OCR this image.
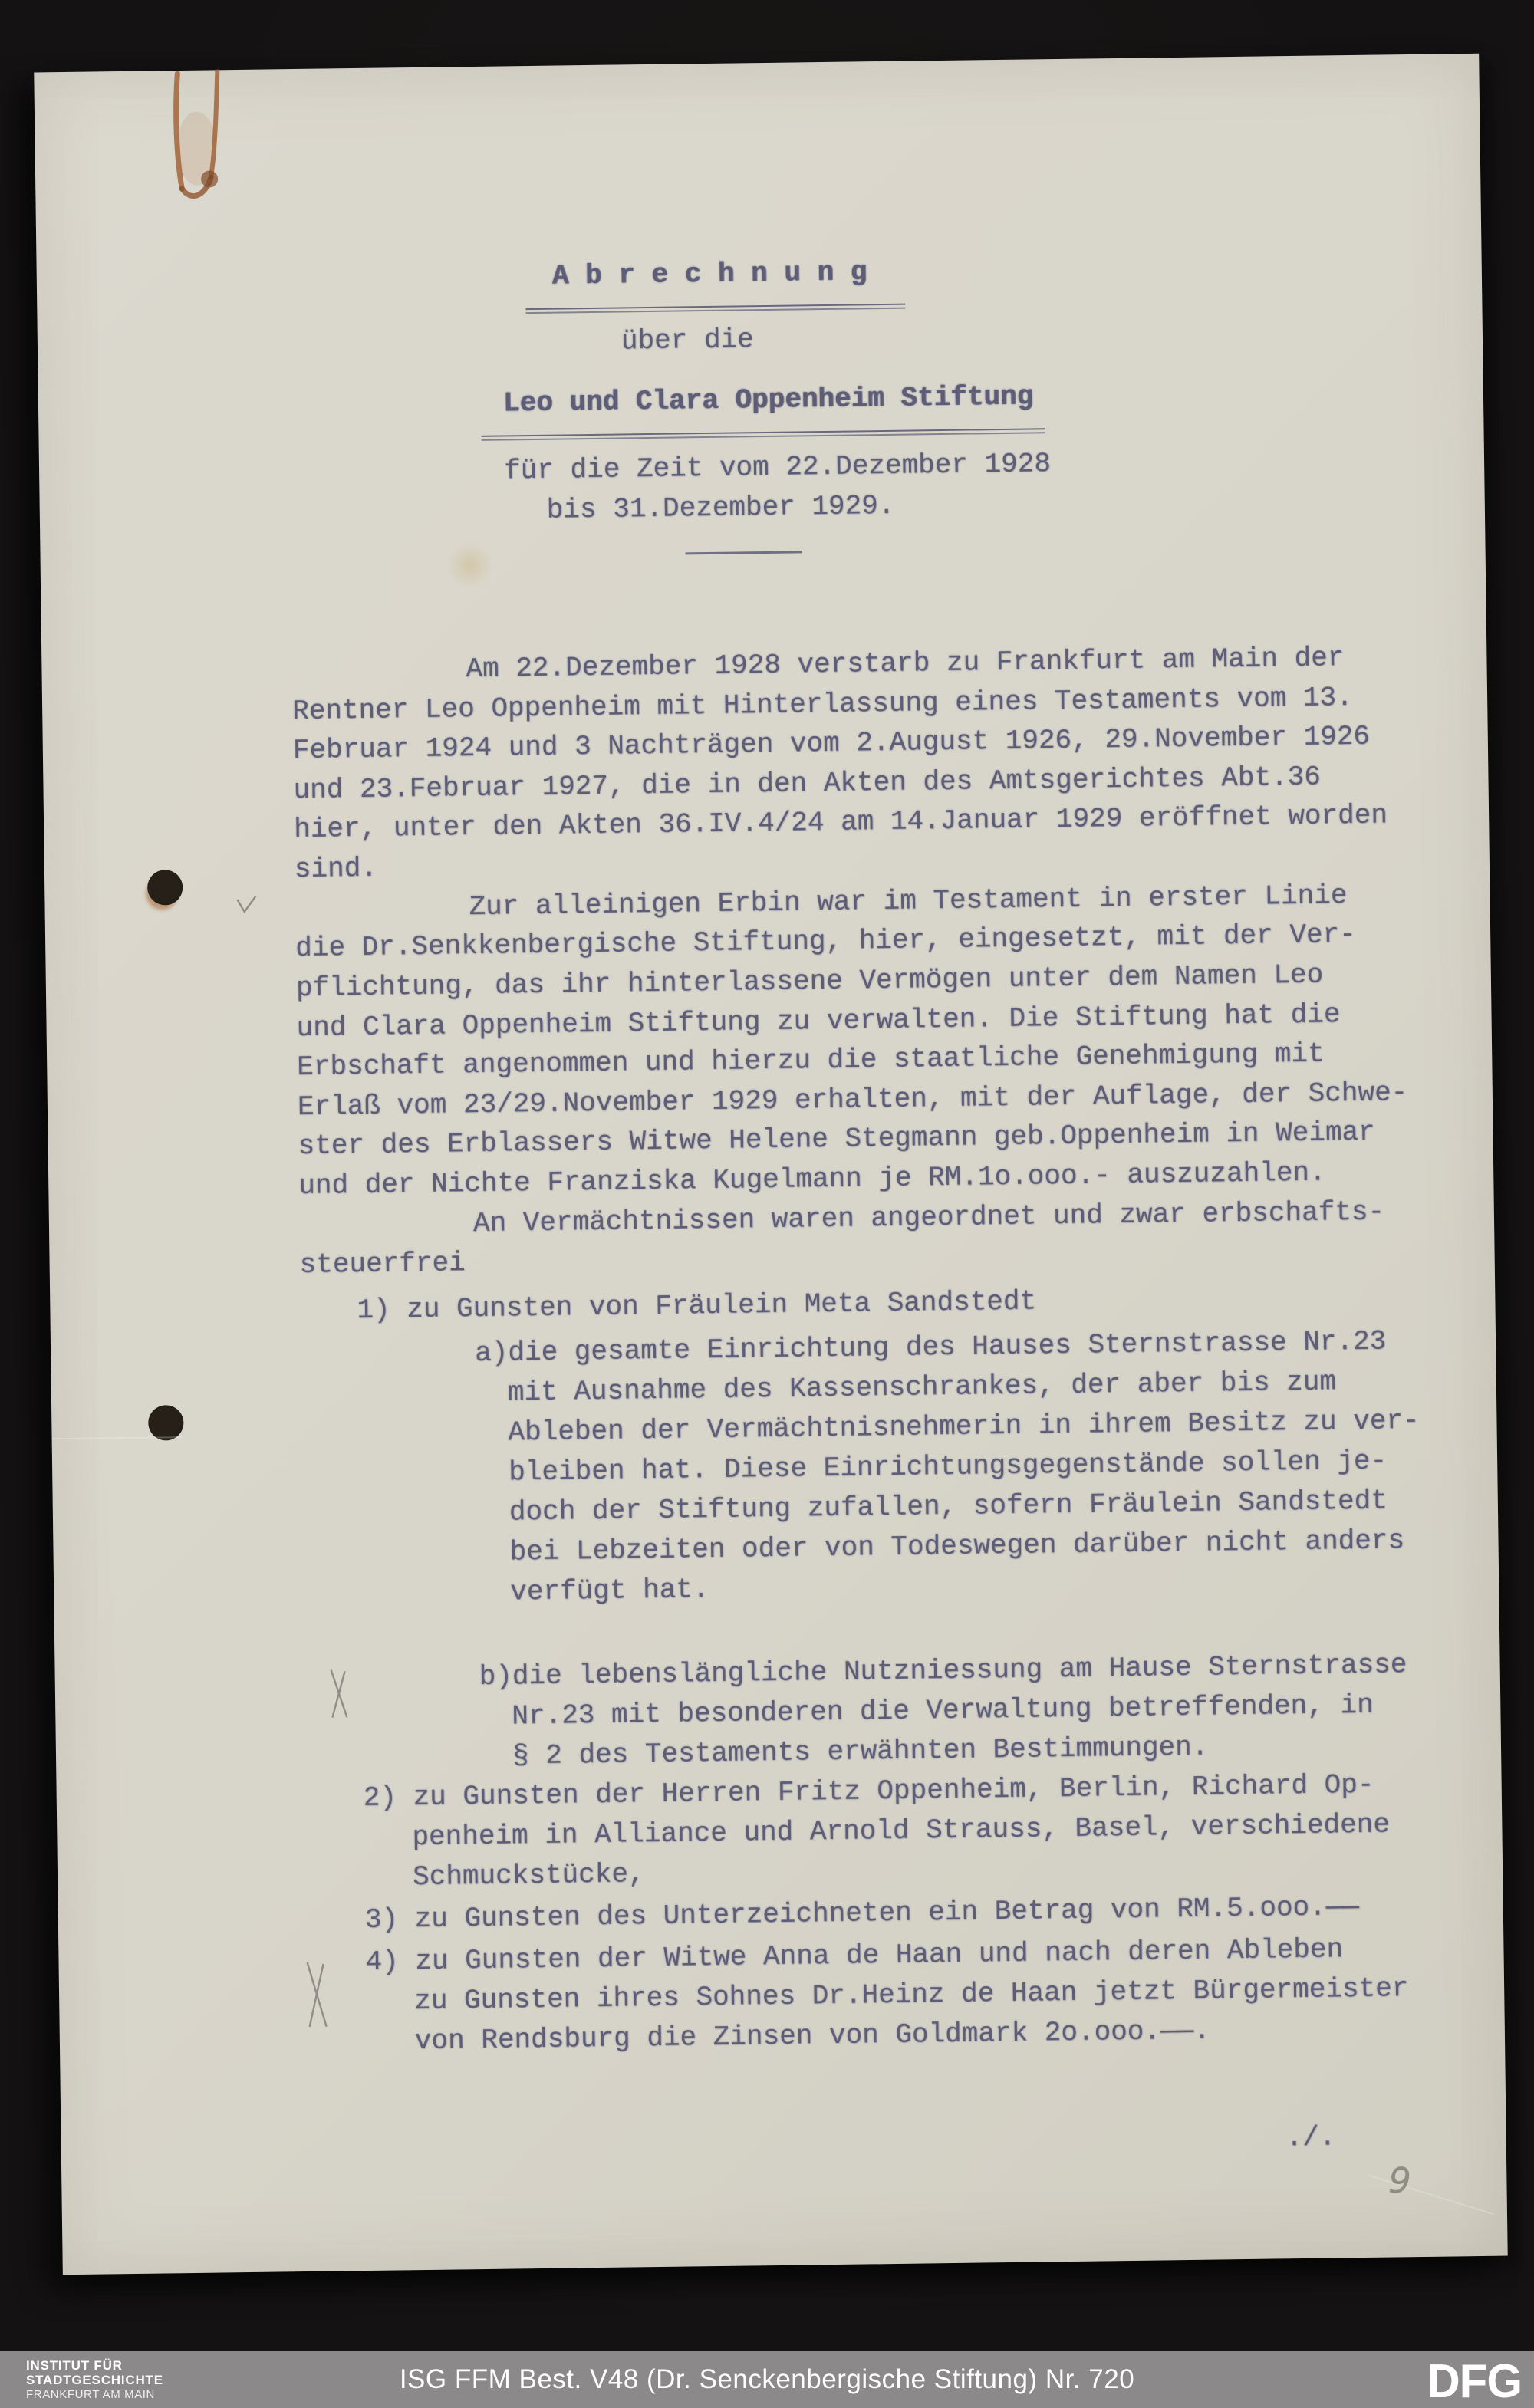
A b r e c h n u n g
über die
Leo und Clara Oppenheim Stiftung
für die Zeit vom 22.Dezember 1928
bis 31.Dezember 1929.
Am 22.Dezember 1928 verstarb zu Frankfurt am Main der
Rentner Leo Oppenheim mit Hinterlassung eines Testaments vom 13.
Februar 1924 und 3 Nachträgen vom 2.August 1926, 29.November 1926
und 23.Februar 1927, die in den Akten des Amtsgerichtes Abt.36
hier, unter den Akten 36.IV.4/24 am 14.Januar 1929 eröffnet worden
sind.
Zur alleinigen Erbin war im Testament in erster Linie
die Dr.Senkkenbergische Stiftung, hier, eingesetzt, mit der Ver-
pflichtung, das ihr hinterlassene Vermögen unter dem Namen Leo
und Clara Oppenheim Stiftung zu verwalten. Die Stiftung hat die
Erbschaft angenommen und hierzu die staatliche Genehmigung mit
Erlaß vom 23/29.November 1929 erhalten, mit der Auflage, der Schwe-
ster des Erblassers Witwe Helene Stegmann geb.Oppenheim in Weimar
und der Nichte Franziska Kugelmann je RM.1o.ooo.- auszuzahlen.
An Vermächtnissen waren angeordnet und zwar erbschafts-
steuerfrei
1) zu Gunsten von Fräulein Meta Sandstedt
a)die gesamte Einrichtung des Hauses Sternstrasse Nr.23
mit Ausnahme des Kassenschrankes, der aber bis zum
Ableben der Vermächtnisnehmerin in ihrem Besitz zu ver-
bleiben hat. Diese Einrichtungsgegenstände sollen je-
doch der Stiftung zufallen, sofern Fräulein Sandstedt
bei Lebzeiten oder von Todeswegen darüber nicht anders
verfügt hat.
b)die lebenslängliche Nutzniessung am Hause Sternstrasse
Nr.23 mit besonderen die Verwaltung betreffenden, in
§ 2 des Testaments erwähnten Bestimmungen.
2) zu Gunsten der Herren Fritz Oppenheim, Berlin, Richard Op-
penheim in Alliance und Arnold Strauss, Basel, verschiedene
Schmuckstücke,
3) zu Gunsten des Unterzeichneten ein Betrag von RM.5.ooo.——
4) zu Gunsten der Witwe Anna de Haan und nach deren Ableben
zu Gunsten ihres Sohnes Dr.Heinz de Haan jetzt Bürgermeister
von Rendsburg die Zinsen von Goldmark 2o.ooo.——.
./.
9
INSTITUT FÜR
STADTGESCHICHTE
FRANKFURT AM MAIN
ISG FFM Best. V48 (Dr. Senckenbergische Stiftung) Nr. 720	DFG
